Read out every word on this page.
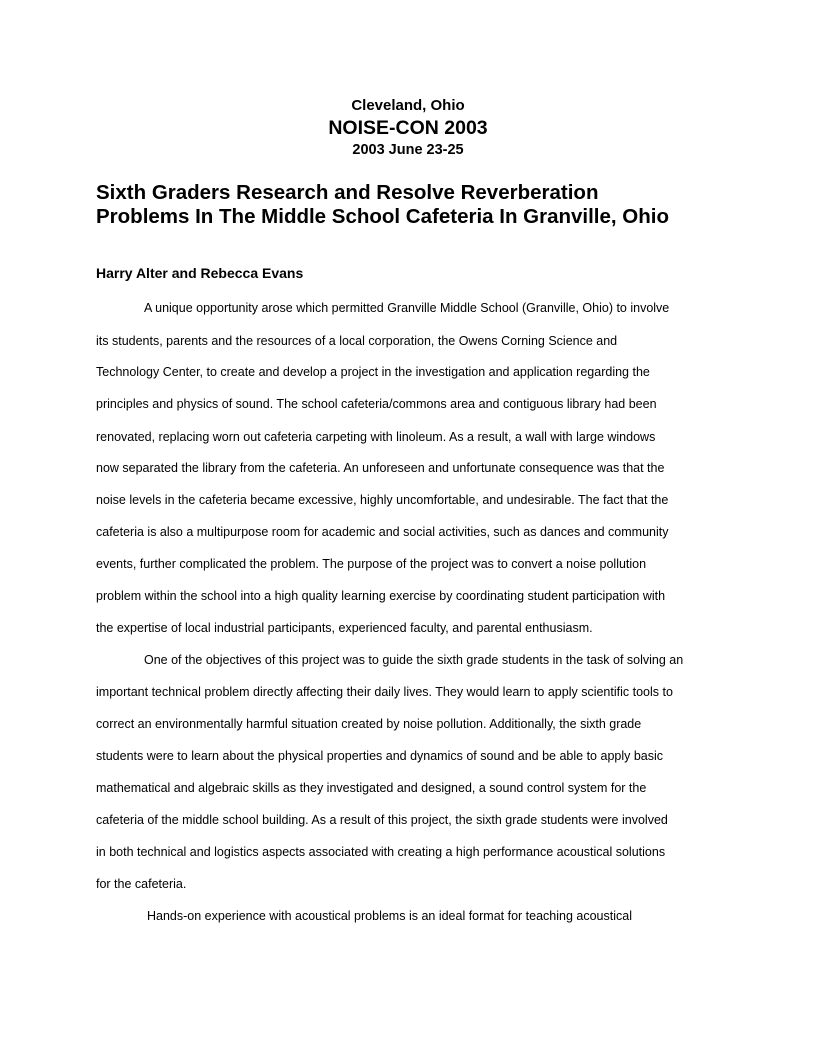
Cleveland, Ohio
NOISE-CON 2003
2003 June 23-25
Sixth Graders Research and Resolve Reverberation
Problems In The Middle School Cafeteria In Granville, Ohio
Harry Alter and Rebecca Evans
A unique opportunity arose which permitted Granville Middle School (Granville, Ohio) to involve
its students, parents and the resources of a local corporation, the Owens Corning Science and
Technology Center, to create and develop a project in the investigation and application regarding the
principles and physics of sound. The school cafeteria/commons area and contiguous library had been
renovated, replacing worn out cafeteria carpeting with linoleum. As a result, a wall with large windows
now separated the library from the cafeteria. An unforeseen and unfortunate consequence was that the
noise levels in the cafeteria became excessive, highly uncomfortable, and undesirable. The fact that the
cafeteria is also a multipurpose room for academic and social activities, such as dances and community
events, further complicated the problem. The purpose of the project was to convert a noise pollution
problem within the school into a high quality learning exercise by coordinating student participation with
the expertise of local industrial participants, experienced faculty, and parental enthusiasm.
One of the objectives of this project was to guide the sixth grade students in the task of solving an
important technical problem directly affecting their daily lives. They would learn to apply scientific tools to
correct an environmentally harmful situation created by noise pollution. Additionally, the sixth grade
students were to learn about the physical properties and dynamics of sound and be able to apply basic
mathematical and algebraic skills as they investigated and designed, a sound control system for the
cafeteria of the middle school building. As a result of this project, the sixth grade students were involved
in both technical and logistics aspects associated with creating a high performance acoustical solutions
for the cafeteria.
Hands-on experience with acoustical problems is an ideal format for teaching acoustical
